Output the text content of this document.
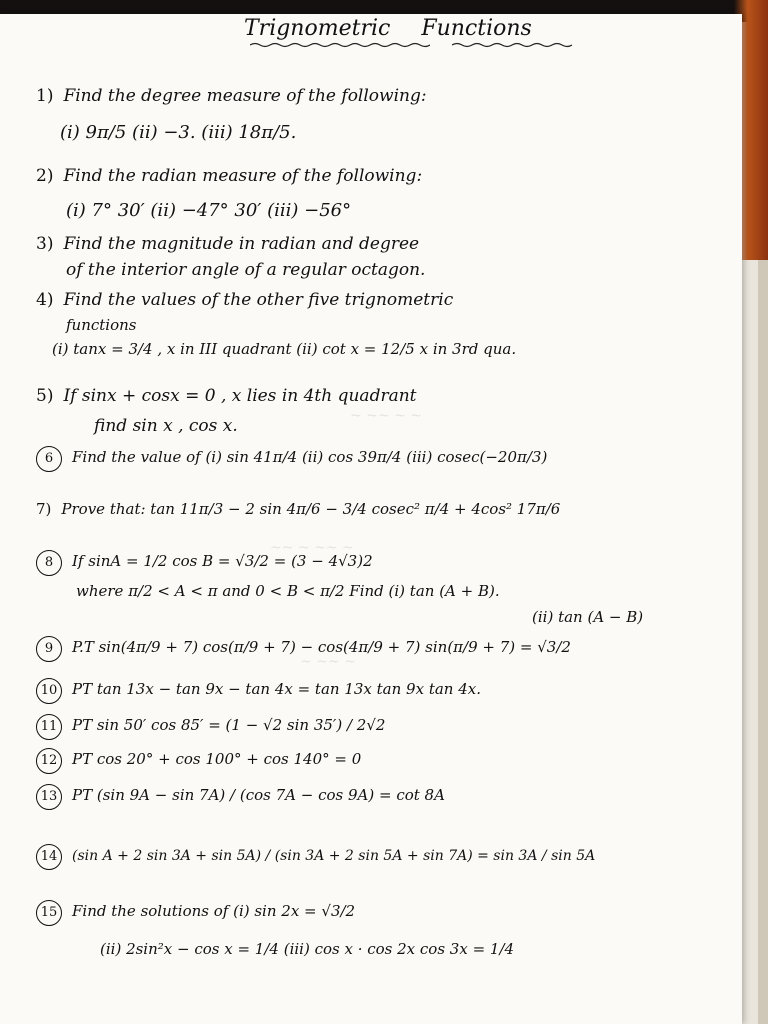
Trignometric Functions
1) Find the degree measure of the following:
(i) 9π/5 (ii) −3. (iii) 18π/5.
2) Find the radian measure of the following:
(i) 7° 30′ (ii) −47° 30′ (iii) −56°
3) Find the magnitude in radian and degree
of the interior angle of a regular octagon.
4) Find the values of the other five trignometric
functions
(i) tanx = 3/4 , x in III quadrant (ii) cot x = 12/5 x in 3rd qua.
5) If sinx + cosx = 0 , x lies in 4th quadrant
find sin x , cos x.
6 Find the value of (i) sin 41π/4 (ii) cos 39π/4 (iii) cosec(−20π/3)
7) Prove that: tan 11π/3 − 2 sin 4π/6 − 3/4 cosec² π/4 + 4cos² 17π/6
8 If sinA = 1/2 cos B = √3/2 = (3 − 4√3)2
where π/2 < A < π and 0 < B < π/2 Find (i) tan (A + B).
(ii) tan (A − B)
9 P.T sin(4π/9 + 7) cos(π/9 + 7) − cos(4π/9 + 7) sin(π/9 + 7) = √3/2
10 PT tan 13x − tan 9x − tan 4x = tan 13x tan 9x tan 4x.
11 PT sin 50′ cos 85′ = (1 − √2 sin 35′) / 2√2
12 PT cos 20° + cos 100° + cos 140° = 0
13 PT (sin 9A − sin 7A) / (cos 7A − cos 9A) = cot 8A
14 (sin A + 2 sin 3A + sin 5A) / (sin 3A + 2 sin 5A + sin 7A) = sin 3A / sin 5A
15 Find the solutions of (i) sin 2x = √3/2
(ii) 2sin²x − cos x = 1/4 (iii) cos x · cos 2x cos 3x = 1/4
~ ~~ ~ ~
~~ ~ ~~ ~
~ ~~ ~
